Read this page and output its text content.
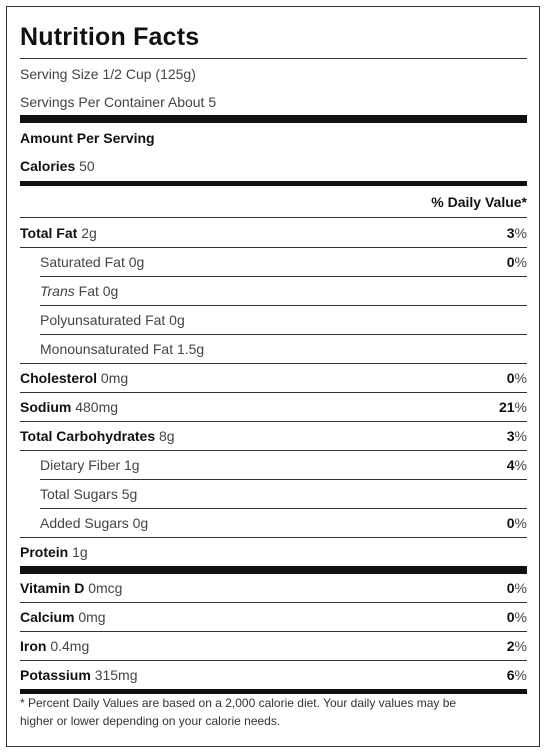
Nutrition Facts
Serving Size 1/2 Cup (125g)
Servings Per Container About 5
Amount Per Serving
Calories 50
% Daily Value*
Total Fat 2g	3%
Saturated Fat 0g	0%
Trans Fat 0g
Polyunsaturated Fat 0g
Monounsaturated Fat 1.5g
Cholesterol 0mg	0%
Sodium 480mg	21%
Total Carbohydrates 8g	3%
Dietary Fiber 1g	4%
Total Sugars 5g
Added Sugars 0g	0%
Protein 1g
Vitamin D 0mcg	0%
Calcium 0mg	0%
Iron 0.4mg	2%
Potassium 315mg	6%
* Percent Daily Values are based on a 2,000 calorie diet. Your daily values may be
higher or lower depending on your calorie needs.
